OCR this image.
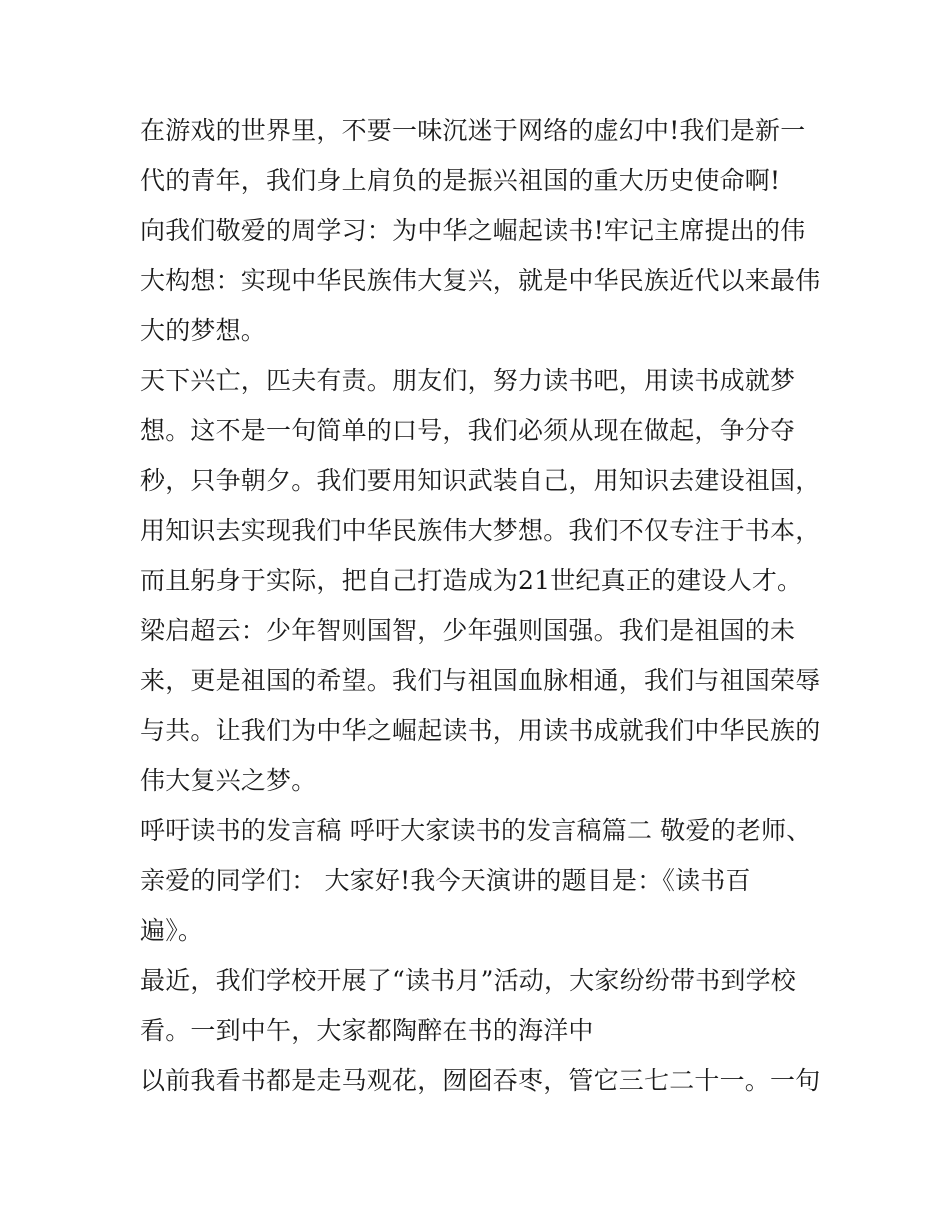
在游戏的世界里，不要一味沉迷于网络的虚幻中!我们是新一
代的青年，我们身上肩负的是振兴祖国的重大历史使命啊!
向我们敬爱的周学习：为中华之崛起读书!牢记主席提出的伟
大构想：实现中华民族伟大复兴，就是中华民族近代以来最伟
大的梦想。
天下兴亡，匹夫有责。朋友们，努力读书吧，用读书成就梦
想。这不是一句简单的口号，我们必须从现在做起，争分夺
秒，只争朝夕。我们要用知识武装自己，用知识去建设祖国，
用知识去实现我们中华民族伟大梦想。我们不仅专注于书本，
而且躬身于实际，把自己打造成为21世纪真正的建设人才。
梁启超云：少年智则国智，少年强则国强。我们是祖国的未
来，更是祖国的希望。我们与祖国血脉相通，我们与祖国荣辱
与共。让我们为中华之崛起读书，用读书成就我们中华民族的
伟大复兴之梦。
呼吁读书的发言稿 呼吁大家读书的发言稿篇二 敬爱的老师、
亲爱的同学们： 大家好!我今天演讲的题目是：《读书百
遍》。
最近，我们学校开展了“读书月”活动，大家纷纷带书到学校
看。一到中午，大家都陶醉在书的海洋中
以前我看书都是走马观花，囫囵吞枣，管它三七二十一。一句
